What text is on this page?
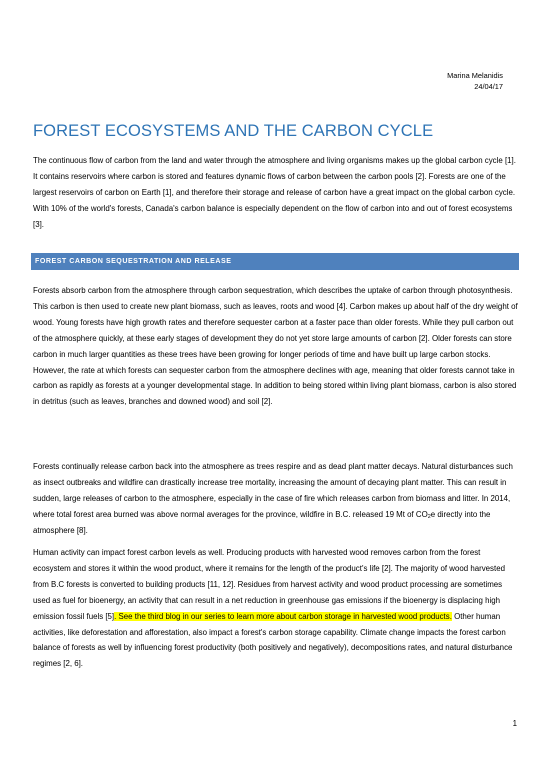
Marina Melanidis
24/04/17
FOREST ECOSYSTEMS AND THE CARBON CYCLE

The continuous flow of carbon from the land and water through the atmosphere and living organisms makes up the global carbon cycle [1]. It contains reservoirs where carbon is stored and features dynamic flows of carbon between the carbon pools [2]. Forests are one of the largest reservoirs of carbon on Earth [1], and therefore their storage and release of carbon have a great impact on the global carbon cycle. With 10% of the world's forests, Canada's carbon balance is especially dependent on the flow of carbon into and out of forest ecosystems [3].

FOREST CARBON SEQUESTRATION AND RELEASE

Forests absorb carbon from the atmosphere through carbon sequestration, which describes the uptake of carbon through photosynthesis. This carbon is then used to create new plant biomass, such as leaves, roots and wood [4]. Carbon makes up about half of the dry weight of wood. Young forests have high growth rates and therefore sequester carbon at a faster pace than older forests. While they pull carbon out of the atmosphere quickly, at these early stages of development they do not yet store large amounts of carbon [2]. Older forests can store carbon in much larger quantities as these trees have been growing for longer periods of time and have built up large carbon stocks. However, the rate at which forests can sequester carbon from the atmosphere declines with age, meaning that older forests cannot take in carbon as rapidly as forests at a younger developmental stage. In addition to being stored within living plant biomass, carbon is also stored in detritus (such as leaves, branches and downed wood) and soil [2].

Forests continually release carbon back into the atmosphere as trees respire and as dead plant matter decays. Natural disturbances such as insect outbreaks and wildfire can drastically increase tree mortality, increasing the amount of decaying plant matter. This can result in sudden, large releases of carbon to the atmosphere, especially in the case of fire which releases carbon from biomass and litter. In 2014, where total forest area burned was above normal averages for the province, wildfire in B.C. released 19 Mt of $CO_2e$ directly into the atmosphere [8].

Human activity can impact forest carbon levels as well. Producing products with harvested wood removes carbon from the forest ecosystem and stores it within the wood product, where it remains for the length of the product's life [2]. The majority of wood harvested from B.C forests is converted to building products [11, 12]. Residues from harvest activity and wood product processing are sometimes used as fuel for bioenergy, an activity that can result in a net reduction in greenhouse gas emissions if the bioenergy is displacing high emission fossil fuels [5]. See the third blog in our series to learn more about carbon storage in harvested wood products. Other human activities, like deforestation and afforestation, also impact a forest's carbon storage capability. Climate change impacts the forest carbon balance of forests as well by influencing forest productivity (both positively and negatively), decompositions rates, and natural disturbance regimes [2, 6].

1
